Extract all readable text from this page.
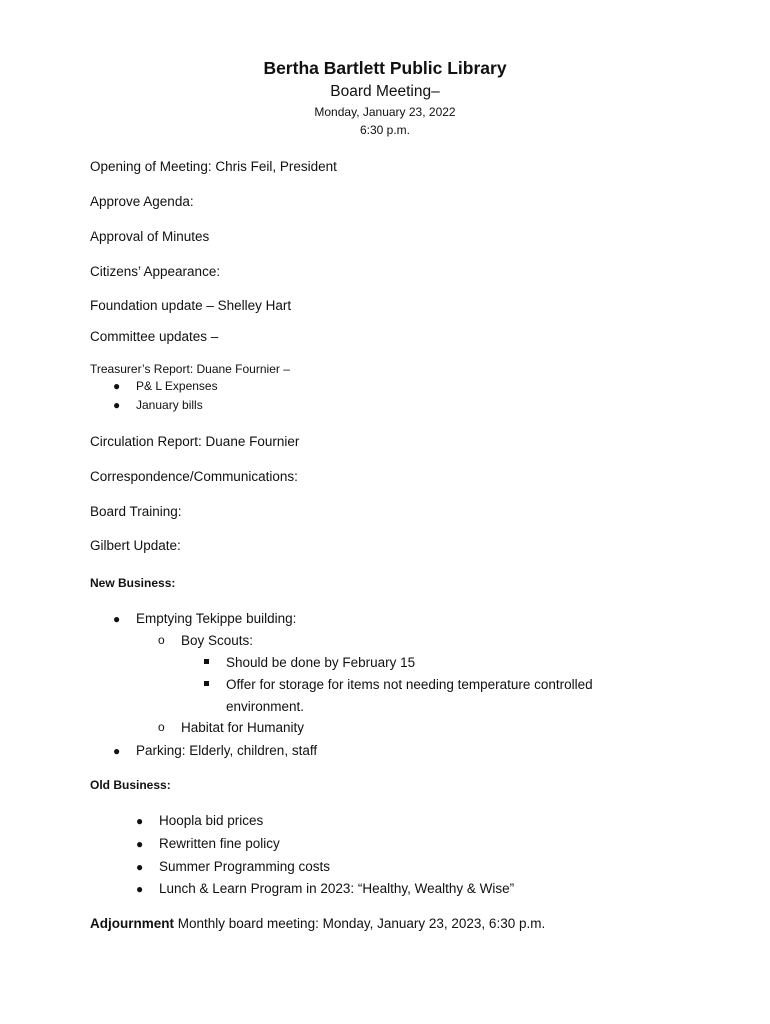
Bertha Bartlett Public Library
Board Meeting–
Monday, January 23, 2022
6:30 p.m.
Opening of Meeting: Chris Feil, President
Approve Agenda:
Approval of Minutes
Citizens’ Appearance:
Foundation update – Shelley Hart
Committee updates –
Treasurer’s Report: Duane Fournier –
● P& L Expenses
● January bills
Circulation Report: Duane Fournier
Correspondence/Communications:
Board Training:
Gilbert Update:
New Business:
● Emptying Tekippe building:
o Boy Scouts:
Should be done by February 15
Offer for storage for items not needing temperature controlled
environment.
o Habitat for Humanity
● Parking: Elderly, children, staff
Old Business:
● Hoopla bid prices
● Rewritten fine policy
● Summer Programming costs
● Lunch & Learn Program in 2023: “Healthy, Wealthy & Wise”
Adjournment Monthly board meeting: Monday, January 23, 2023, 6:30 p.m.
